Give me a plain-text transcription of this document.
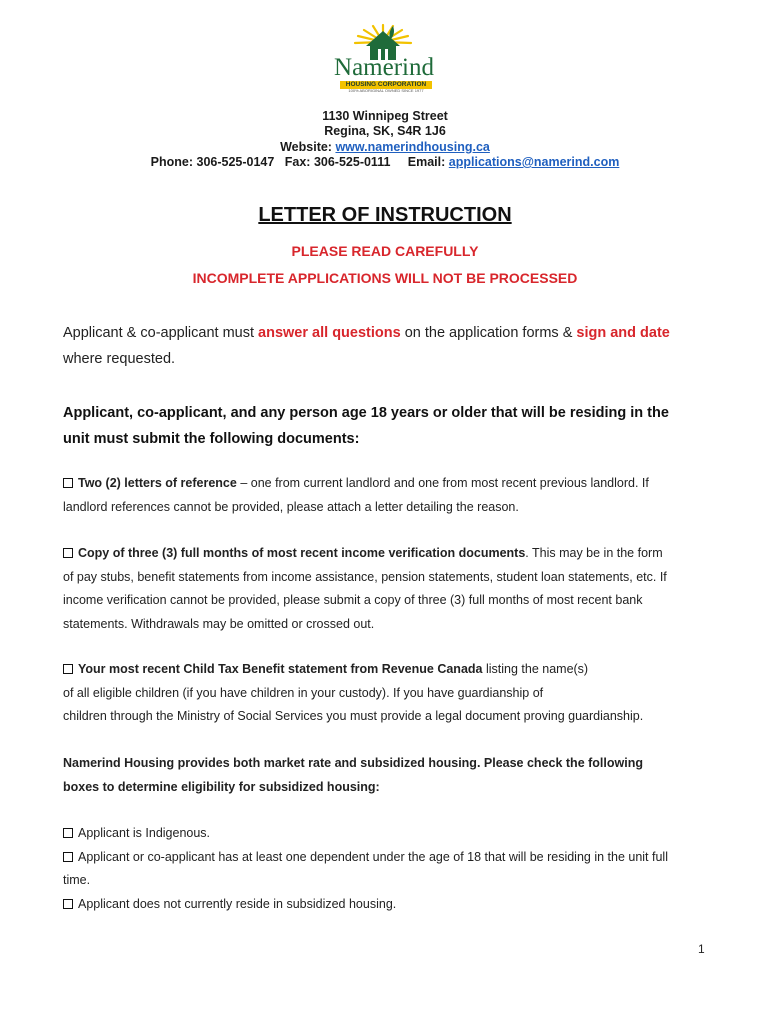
Namerind
HOUSING CORPORATION
100% ABORIGINAL OWNED SINCE 1977
1130 Winnipeg Street
Regina, SK, S4R 1J6
Website: www.namerindhousing.ca
Phone: 306-525-0147 Fax: 306-525-0111 Email: applications@namerind.com
LETTER OF INSTRUCTION
PLEASE READ CAREFULLY
INCOMPLETE APPLICATIONS WILL NOT BE PROCESSED
Applicant & co-applicant must answer all questions on the application forms & sign and date
where requested.
Applicant, co-applicant, and any person age 18 years or older that will be residing in the
unit must submit the following documents:
Two (2) letters of reference – one from current landlord and one from most recent previous landlord. If
landlord references cannot be provided, please attach a letter detailing the reason.
Copy of three (3) full months of most recent income verification documents. This may be in the form
of pay stubs, benefit statements from income assistance, pension statements, student loan statements, etc. If
income verification cannot be provided, please submit a copy of three (3) full months of most recent bank
statements. Withdrawals may be omitted or crossed out.
Your most recent Child Tax Benefit statement from Revenue Canada listing the name(s)
of all eligible children (if you have children in your custody). If you have guardianship of
children through the Ministry of Social Services you must provide a legal document proving guardianship.
Namerind Housing provides both market rate and subsidized housing. Please check the following
boxes to determine eligibility for subsidized housing:
Applicant is Indigenous.
Applicant or co-applicant has at least one dependent under the age of 18 that will be residing in the unit full
time.
Applicant does not currently reside in subsidized housing.
1
